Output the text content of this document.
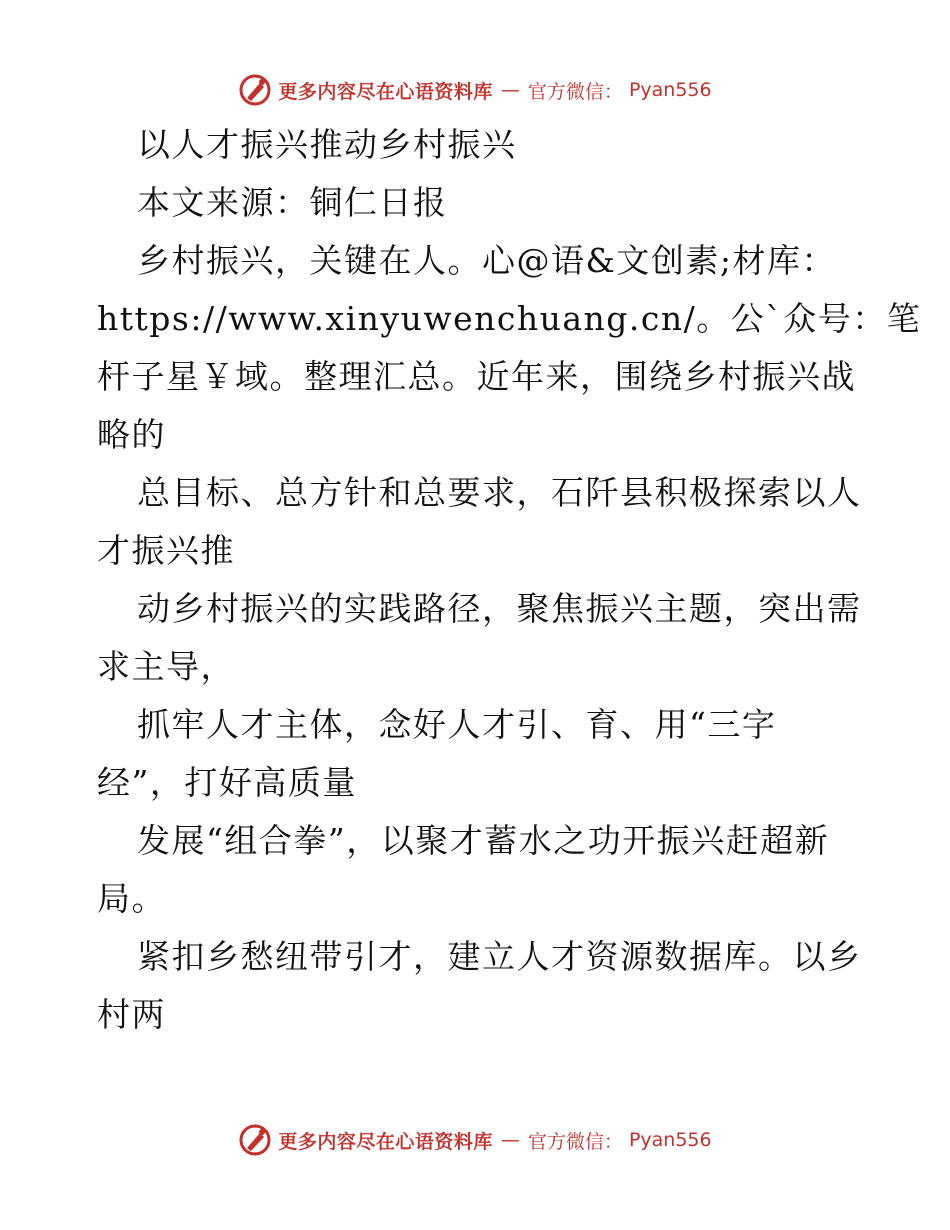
更多内容尽在心语资料库 — 官方微信： Pyan556
以人才振兴推动乡村振兴
本文来源：铜仁日报
乡村振兴，关键在人。心@语&文创素;材库：
https://www.xinyuwenchuang.cn/。公`众号：笔
杆子星￥域。整理汇总。近年来，围绕乡村振兴战
略的
总目标、总方针和总要求，石阡县积极探索以人
才振兴推
动乡村振兴的实践路径，聚焦振兴主题，突出需
求主导，
抓牢人才主体，念好人才引、育、用“三字
经”，打好高质量
发展“组合拳”，以聚才蓄水之功开振兴赶超新
局。
紧扣乡愁纽带引才，建立人才资源数据库。以乡
村两
更多内容尽在心语资料库 — 官方微信： Pyan556
